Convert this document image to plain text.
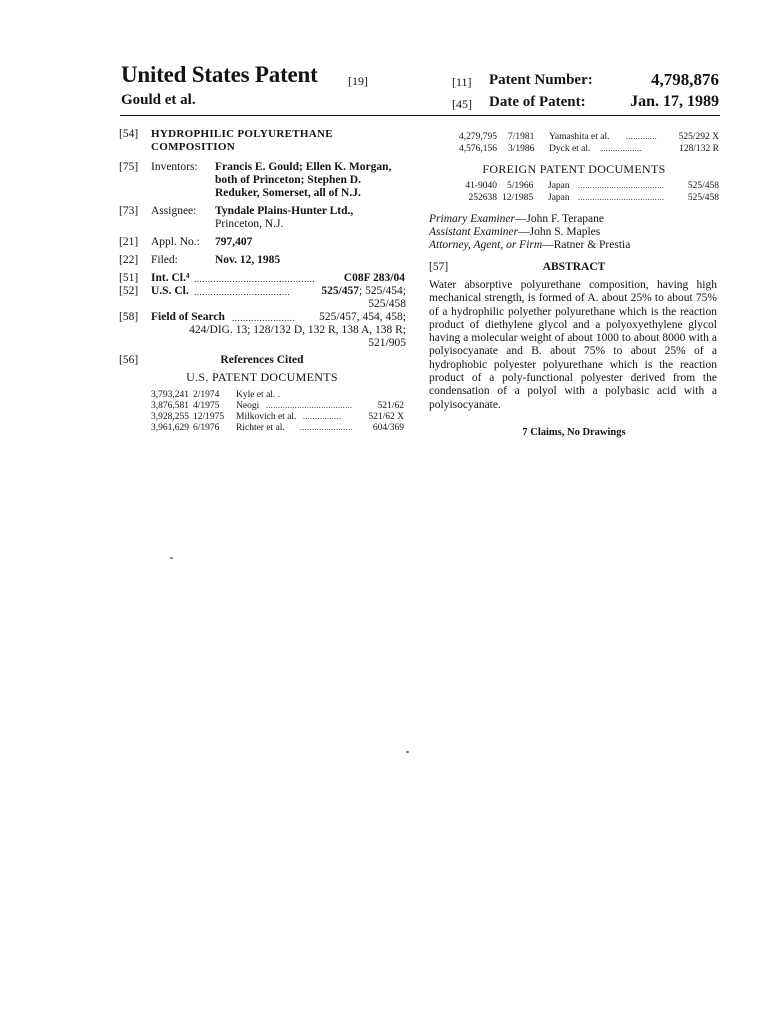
United States Patent	[19]
Gould et al.
[11] Patent Number:	4,798,876
[45] Date of Patent:	Jan. 17, 1989
[54] HYDROPHILIC POLYURETHANE
COMPOSITION
[75] Inventors: Francis E. Gould; Ellen K. Morgan,
both of Princeton; Stephen D.
Reduker, Somerset, all of N.J.
[73] Assignee: Tyndale Plains-Hunter Ltd.,
Princeton, N.J.
[21] Appl. No.: 797,407
[22] Filed:	Nov. 12, 1985
[51] Int. Cl.⁴ ............................................	C08F 283/04
[52] U.S. Cl. ...................................	525/457; 525/454;
525/458
[58] Field of Search .......................	525/457, 454, 458;
424/DIG. 13; 128/132 D, 132 R, 138 A, 138 R;
521/905
[56]	References Cited
U.S. PATENT DOCUMENTS
3,793,241 2/1974 Kyle et al. .
3,876,581 4/1975 Neogi ....................................	521/62
3,928,255 12/1975 Milkovich et al. ................	521/62 X
3,961,629 6/1976 Richter et al. ......................	604/369
4,279,795 7/1981 Yamashita et al. .............	525/292 X
4,576,156 3/1986 Dyck et al. .................	128/132 R
FOREIGN PATENT DOCUMENTS
41-9040 5/1966 Japan ....................................	525/458
252638 12/1985 Japan ....................................	525/458
Primary Examiner—John F. Terapane
Assistant Examiner—John S. Maples
Attorney, Agent, or Firm—Ratner & Prestia
[57]	ABSTRACT
Water absorptive polyurethane composition, having high mechanical strength, is formed of A. about 25% to about 75% of a hydrophilic polyether polyurethane which is the reaction product of diethylene glycol and a polyoxyethylene glycol having a molecular weight of about 1000 to about 8000 with a polyisocyanate and B. about 75% to about 25% of a hydrophobic polyester polyurethane which is the reaction product of a poly-functional polyester derived from the condensation of a polyol with a polybasic acid with a polyisocyanate.
7 Claims, No Drawings
